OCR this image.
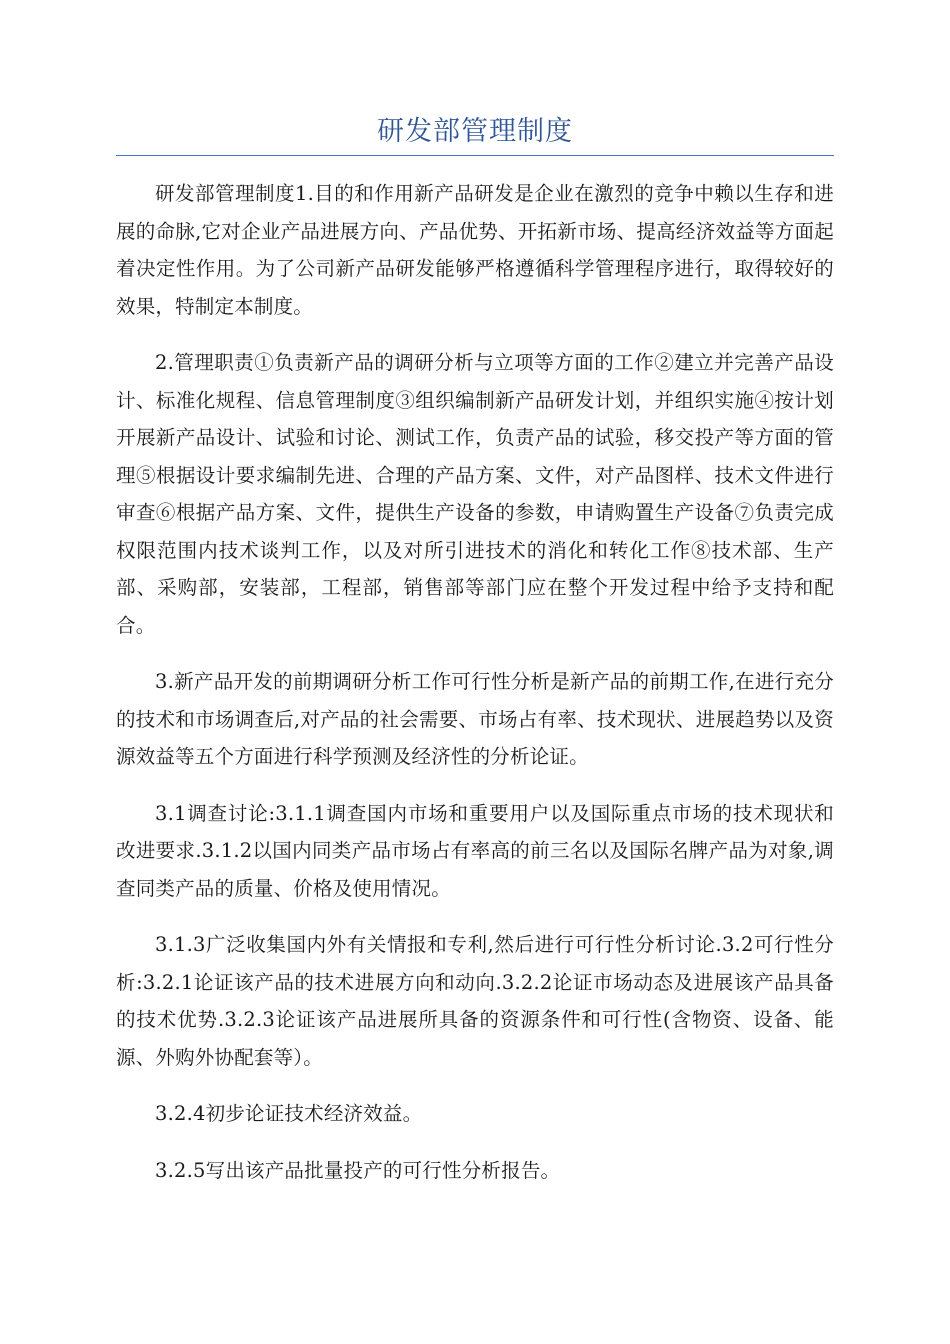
研发部管理制度

研发部管理制度1.目的和作用新产品研发是企业在激烈的竞争中赖以生存和进展的命脉,它对企业产品进展方向、产品优势、开拓新市场、提高经济效益等方面起着决定性作用。为了公司新产品研发能够严格遵循科学管理程序进行，取得较好的效果，特制定本制度。

2.管理职责①负责新产品的调研分析与立项等方面的工作②建立并完善产品设计、标准化规程、信息管理制度③组织编制新产品研发计划，并组织实施④按计划开展新产品设计、试验和讨论、测试工作，负责产品的试验，移交投产等方面的管理⑤根据设计要求编制先进、合理的产品方案、文件，对产品图样、技术文件进行审查⑥根据产品方案、文件，提供生产设备的参数，申请购置生产设备⑦负责完成权限范围内技术谈判工作，以及对所引进技术的消化和转化工作⑧技术部、生产部、采购部，安装部，工程部，销售部等部门应在整个开发过程中给予支持和配合。

3.新产品开发的前期调研分析工作可行性分析是新产品的前期工作,在进行充分的技术和市场调查后,对产品的社会需要、市场占有率、技术现状、进展趋势以及资源效益等五个方面进行科学预测及经济性的分析论证。

3.1调查讨论:3.1.1调查国内市场和重要用户以及国际重点市场的技术现状和改进要求.3.1.2以国内同类产品市场占有率高的前三名以及国际名牌产品为对象,调查同类产品的质量、价格及使用情况。

3.1.3广泛收集国内外有关情报和专利,然后进行可行性分析讨论.3.2可行性分析:3.2.1论证该产品的技术进展方向和动向.3.2.2论证市场动态及进展该产品具备的技术优势.3.2.3论证该产品进展所具备的资源条件和可行性(含物资、设备、能源、外购外协配套等）。

3.2.4初步论证技术经济效益。

3.2.5写出该产品批量投产的可行性分析报告。
